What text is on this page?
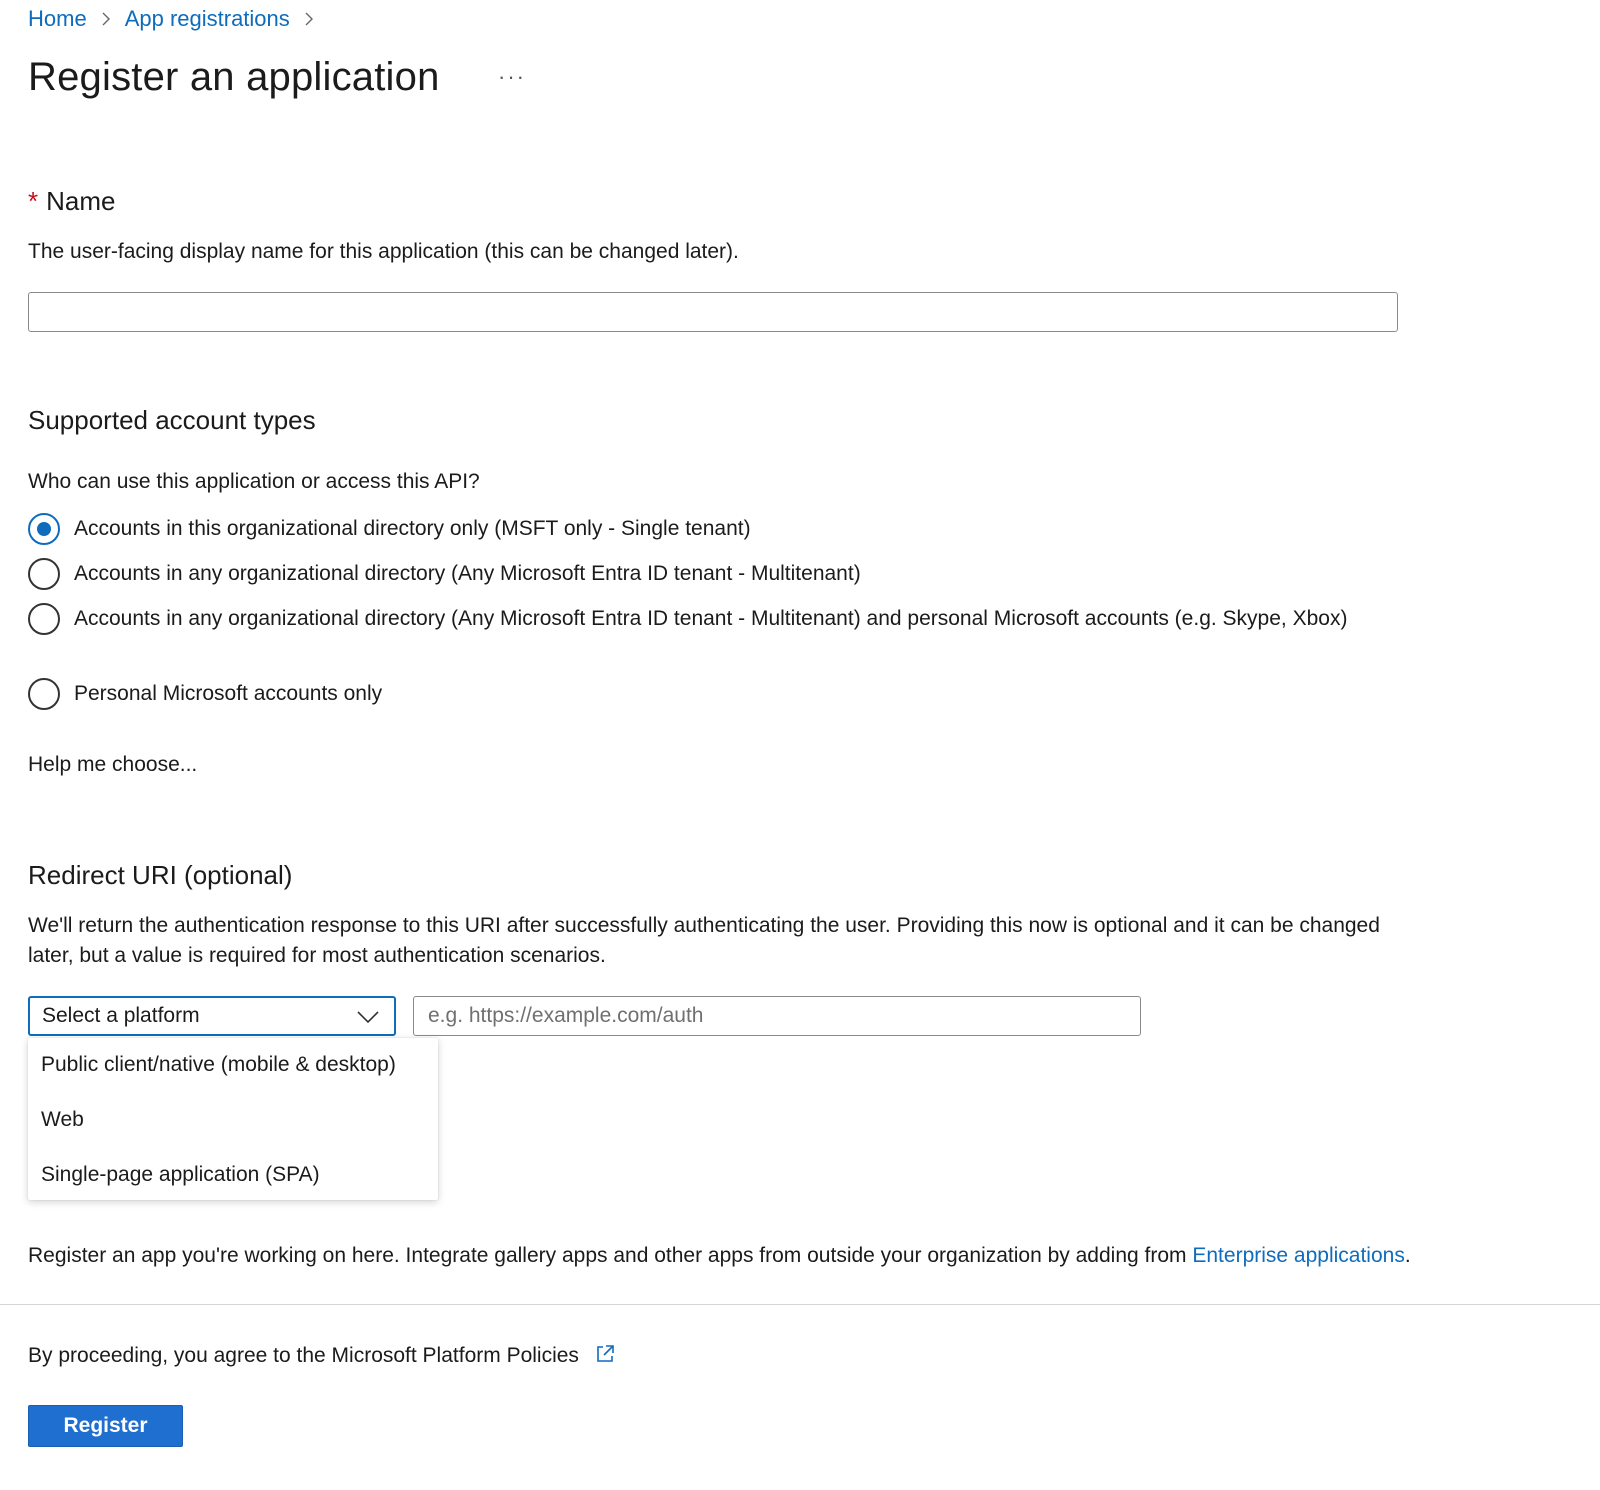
Home App registrations
Register an application	···
* Name
The user-facing display name for this application (this can be changed later).
Supported account types
Who can use this application or access this API?
Accounts in this organizational directory only (MSFT only - Single tenant)
Accounts in any organizational directory (Any Microsoft Entra ID tenant - Multitenant)
Accounts in any organizational directory (Any Microsoft Entra ID tenant - Multitenant) and personal Microsoft accounts (e.g. Skype, Xbox)
Personal Microsoft accounts only
Help me choose...
Redirect URI (optional)
We'll return the authentication response to this URI after successfully authenticating the user. Providing this now is optional and it can be changed later, but a value is required for most authentication scenarios.
Select a platform
e.g. https://example.com/auth
Public client/native (mobile & desktop)
Web
Single-page application (SPA)
Register an app you're working on here. Integrate gallery apps and other apps from outside your organization by adding from Enterprise applications.
By proceeding, you agree to the Microsoft Platform Policies
Register
